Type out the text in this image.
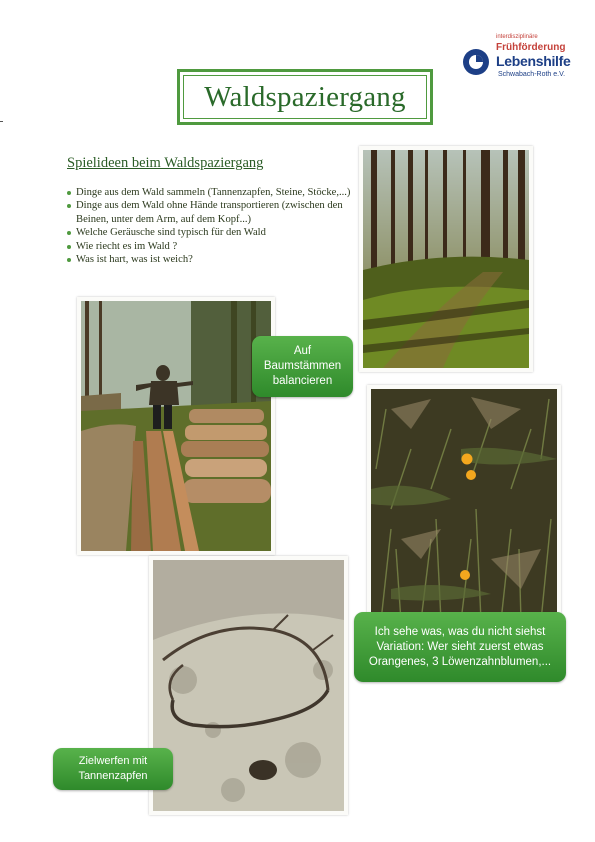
interdisziplinäre
Frühförderung
Lebenshilfe
Schwabach-Roth e.V.
Waldspaziergang
Spielideen beim Waldspaziergang
Dinge aus dem Wald sammeln (Tannenzapfen, Steine, Stöcke,...)
Dinge aus dem Wald ohne Hände transportieren (zwischen den Beinen, unter dem Arm, auf dem Kopf...)
Welche Geräusche sind typisch für den Wald
Wie riecht es im Wald ?
Was ist hart, was ist weich?
Auf
Baumstämmen
balancieren
Ich sehe was, was du nicht siehst
Variation: Wer sieht zuerst etwas
Orangenes, 3 Löwenzahnblumen,...
Zielwerfen mit
Tannenzapfen
